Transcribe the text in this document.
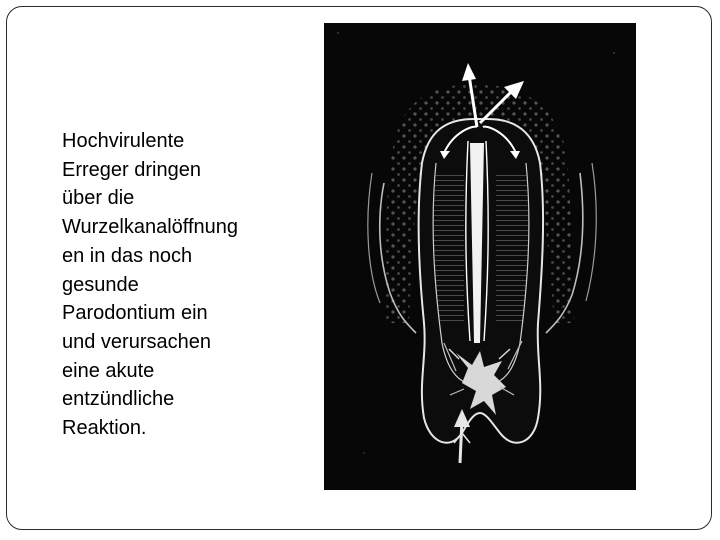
Hochvirulente
Erreger dringen
über die
Wurzelkanalöffnung
en in das noch
gesunde
Parodontium ein
und verursachen
eine akute
entzündliche
Reaktion.
